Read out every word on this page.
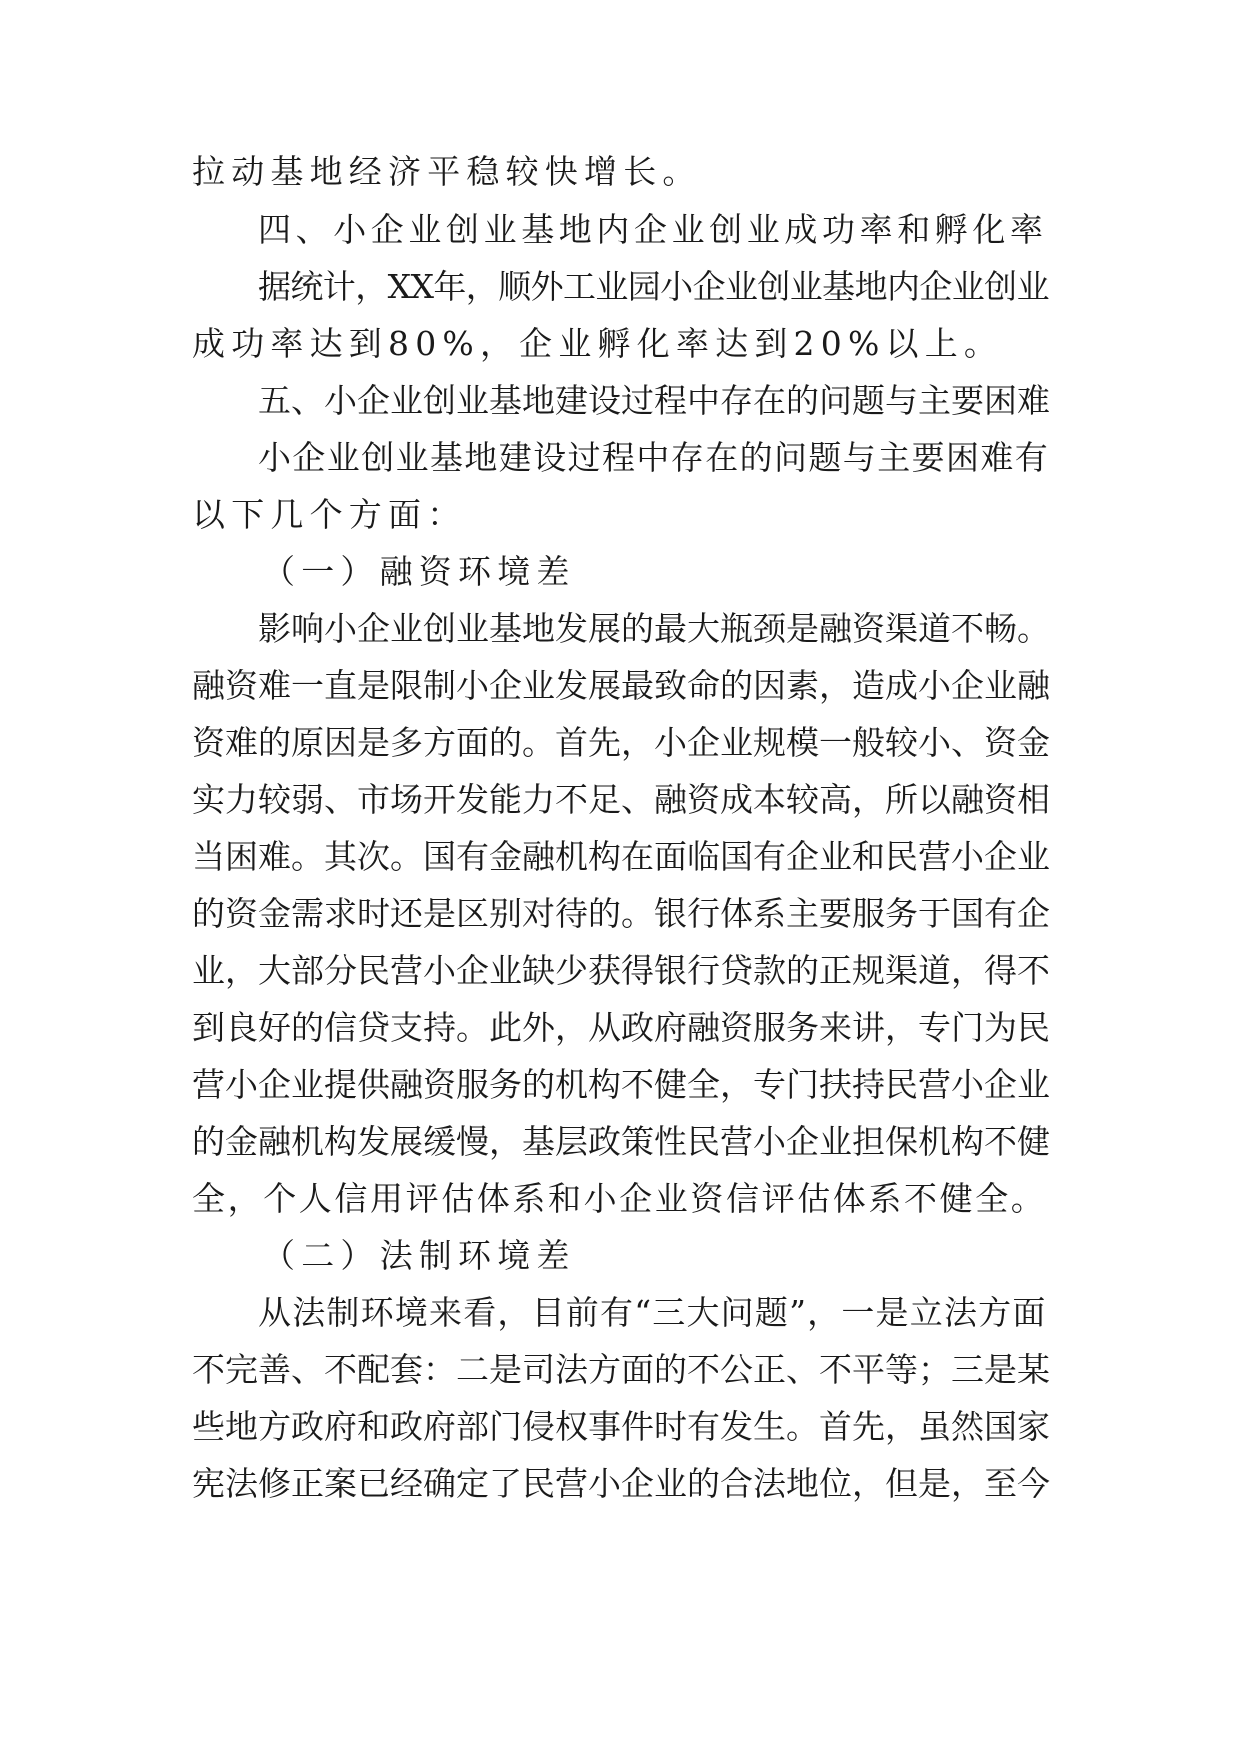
拉动基地经济平稳较快增长。

四、小企业创业基地内企业创业成功率和孵化率

据统计，XX年，顺外工业园小企业创业基地内企业创业

成功率达到80%，企业孵化率达到20%以上。

五、小企业创业基地建设过程中存在的问题与主要困难

小企业创业基地建设过程中存在的问题与主要困难有

以下几个方面：

（一）融资环境差

影响小企业创业基地发展的最大瓶颈是融资渠道不畅。

融资难一直是限制小企业发展最致命的因素，造成小企业融

资难的原因是多方面的。首先，小企业规模一般较小、资金

实力较弱、市场开发能力不足、融资成本较高，所以融资相

当困难。其次。国有金融机构在面临国有企业和民营小企业

的资金需求时还是区别对待的。银行体系主要服务于国有企

业，大部分民营小企业缺少获得银行贷款的正规渠道，得不

到良好的信贷支持。此外，从政府融资服务来讲，专门为民

营小企业提供融资服务的机构不健全，专门扶持民营小企业

的金融机构发展缓慢，基层政策性民营小企业担保机构不健

全，个人信用评估体系和小企业资信评估体系不健全。

（二）法制环境差

从法制环境来看，目前有“三大问题”，一是立法方面

不完善、不配套：二是司法方面的不公正、不平等；三是某

些地方政府和政府部门侵权事件时有发生。首先，虽然国家

宪法修正案已经确定了民营小企业的合法地位，但是，至今
